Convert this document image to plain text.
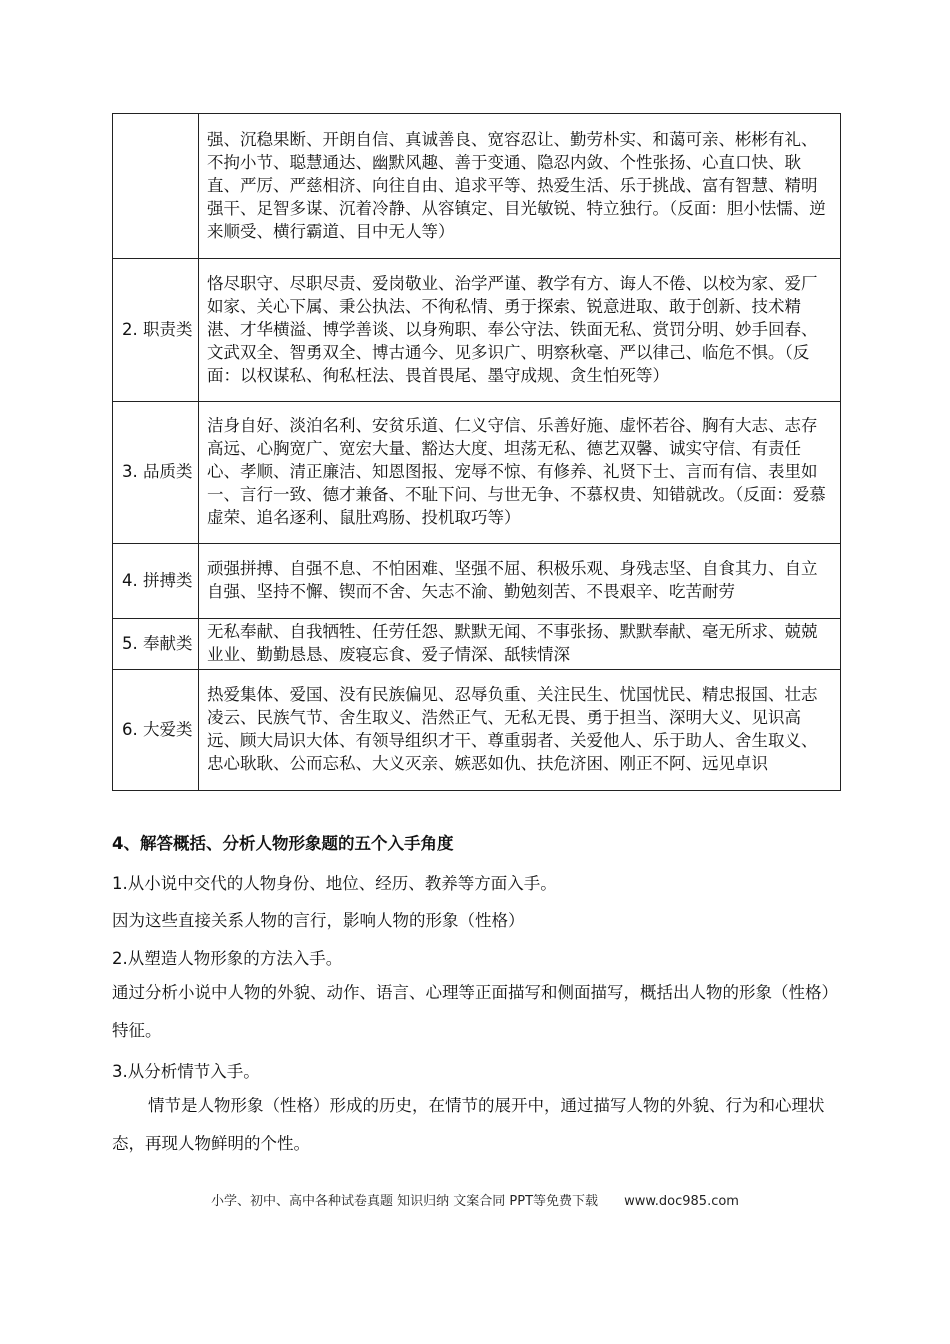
	强、沉稳果断、开朗自信、真诚善良、宽容忍让、勤劳朴实、和蔼可亲、彬彬有礼、不拘小节、聪慧通达、幽默风趣、善于变通、隐忍内敛、个性张扬、心直口快、耿直、严厉、严慈相济、向往自由、追求平等、热爱生活、乐于挑战、富有智慧、精明强干、足智多谋、沉着冷静、从容镇定、目光敏锐、特立独行。（反面：胆小怯懦、逆来顺受、横行霸道、目中无人等）
2. 职责类	恪尽职守、尽职尽责、爱岗敬业、治学严谨、教学有方、诲人不倦、以校为家、爱厂如家、关心下属、秉公执法、不徇私情、勇于探索、锐意进取、敢于创新、技术精湛、才华横溢、博学善谈、以身殉职、奉公守法、铁面无私、赏罚分明、妙手回春、文武双全、智勇双全、博古通今、见多识广、明察秋毫、严以律己、临危不惧。（反面：以权谋私、徇私枉法、畏首畏尾、墨守成规、贪生怕死等）
3. 品质类	洁身自好、淡泊名利、安贫乐道、仁义守信、乐善好施、虚怀若谷、胸有大志、志存高远、心胸宽广、宽宏大量、豁达大度、坦荡无私、德艺双馨、诚实守信、有责任心、孝顺、清正廉洁、知恩图报、宠辱不惊、有修养、礼贤下士、言而有信、表里如一、言行一致、德才兼备、不耻下问、与世无争、不慕权贵、知错就改。（反面：爱慕虚荣、追名逐利、鼠肚鸡肠、投机取巧等）
4. 拼搏类	顽强拼搏、自强不息、不怕困难、坚强不屈、积极乐观、身残志坚、自食其力、自立自强、坚持不懈、锲而不舍、矢志不渝、勤勉刻苦、不畏艰辛、吃苦耐劳
5. 奉献类	无私奉献、自我牺牲、任劳任怨、默默无闻、不事张扬、默默奉献、毫无所求、兢兢业业、勤勤恳恳、废寝忘食、爱子情深、舐犊情深
6. 大爱类	热爱集体、爱国、没有民族偏见、忍辱负重、关注民生、忧国忧民、精忠报国、壮志凌云、民族气节、舍生取义、浩然正气、无私无畏、勇于担当、深明大义、见识高远、顾大局识大体、有领导组织才干、尊重弱者、关爱他人、乐于助人、舍生取义、忠心耿耿、公而忘私、大义灭亲、嫉恶如仇、扶危济困、刚正不阿、远见卓识
4、解答概括、分析人物形象题的五个入手角度
1.从小说中交代的人物身份、地位、经历、教养等方面入手。
因为这些直接关系人物的言行，影响人物的形象（性格）
2.从塑造人物形象的方法入手。
通过分析小说中人物的外貌、动作、语言、心理等正面描写和侧面描写，概括出人物的形象（性格）特征。
3.从分析情节入手。
情节是人物形象（性格）形成的历史，在情节的展开中，通过描写人物的外貌、行为和心理状态，再现人物鲜明的个性。
小学、初中、高中各种试卷真题 知识归纳 文案合同 PPT等免费下载 www.doc985.com
